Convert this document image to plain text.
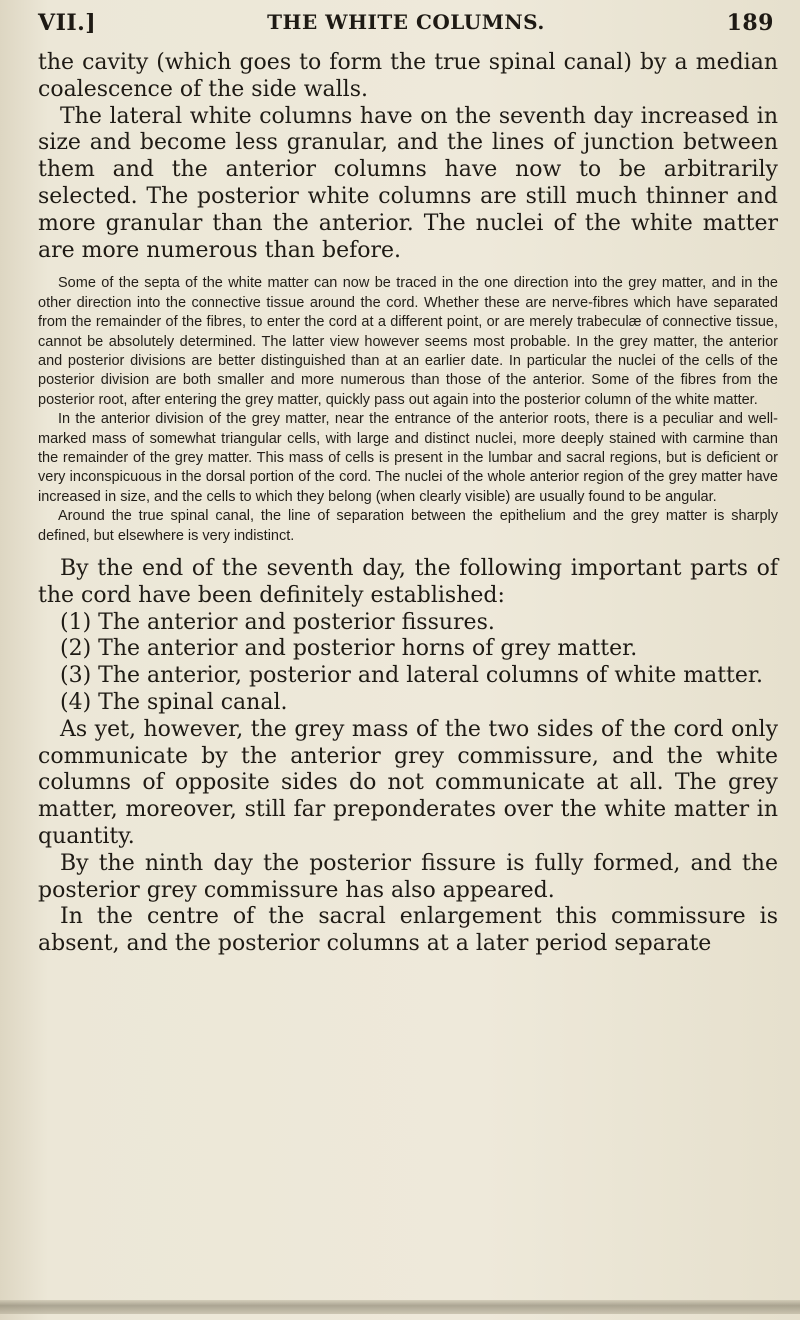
VII.]	THE WHITE COLUMNS.	189

the cavity (which goes to form the true spinal canal) by a median coalescence of the side walls.

The lateral white columns have on the seventh day increased in size and become less granular, and the lines of junction between them and the anterior columns have now to be arbitrarily selected. The posterior white columns are still much thinner and more granular than the anterior. The nuclei of the white matter are more numerous than before.

Some of the septa of the white matter can now be traced in the one direction into the grey matter, and in the other direction into the connective tissue around the cord. Whether these are nerve-fibres which have separated from the remainder of the fibres, to enter the cord at a different point, or are merely trabeculæ of connective tissue, cannot be absolutely determined. The latter view however seems most probable. In the grey matter, the anterior and posterior divisions are better distinguished than at an earlier date. In particular the nuclei of the cells of the posterior division are both smaller and more numerous than those of the anterior. Some of the fibres from the posterior root, after entering the grey matter, quickly pass out again into the posterior column of the white matter.

In the anterior division of the grey matter, near the entrance of the anterior roots, there is a peculiar and well-marked mass of somewhat triangular cells, with large and distinct nuclei, more deeply stained with carmine than the remainder of the grey matter. This mass of cells is present in the lumbar and sacral regions, but is deficient or very inconspicuous in the dorsal portion of the cord. The nuclei of the whole anterior region of the grey matter have increased in size, and the cells to which they belong (when clearly visible) are usually found to be angular.

Around the true spinal canal, the line of separation between the epithelium and the grey matter is sharply defined, but elsewhere is very indistinct.

By the end of the seventh day, the following important parts of the cord have been definitely established:

(1) The anterior and posterior fissures.

(2) The anterior and posterior horns of grey matter.

(3) The anterior, posterior and lateral columns of white matter.

(4) The spinal canal.

As yet, however, the grey mass of the two sides of the cord only communicate by the anterior grey commissure, and the white columns of opposite sides do not communicate at all. The grey matter, moreover, still far preponderates over the white matter in quantity.

By the ninth day the posterior fissure is fully formed, and the posterior grey commissure has also appeared.

In the centre of the sacral enlargement this commissure is absent, and the posterior columns at a later period separate
